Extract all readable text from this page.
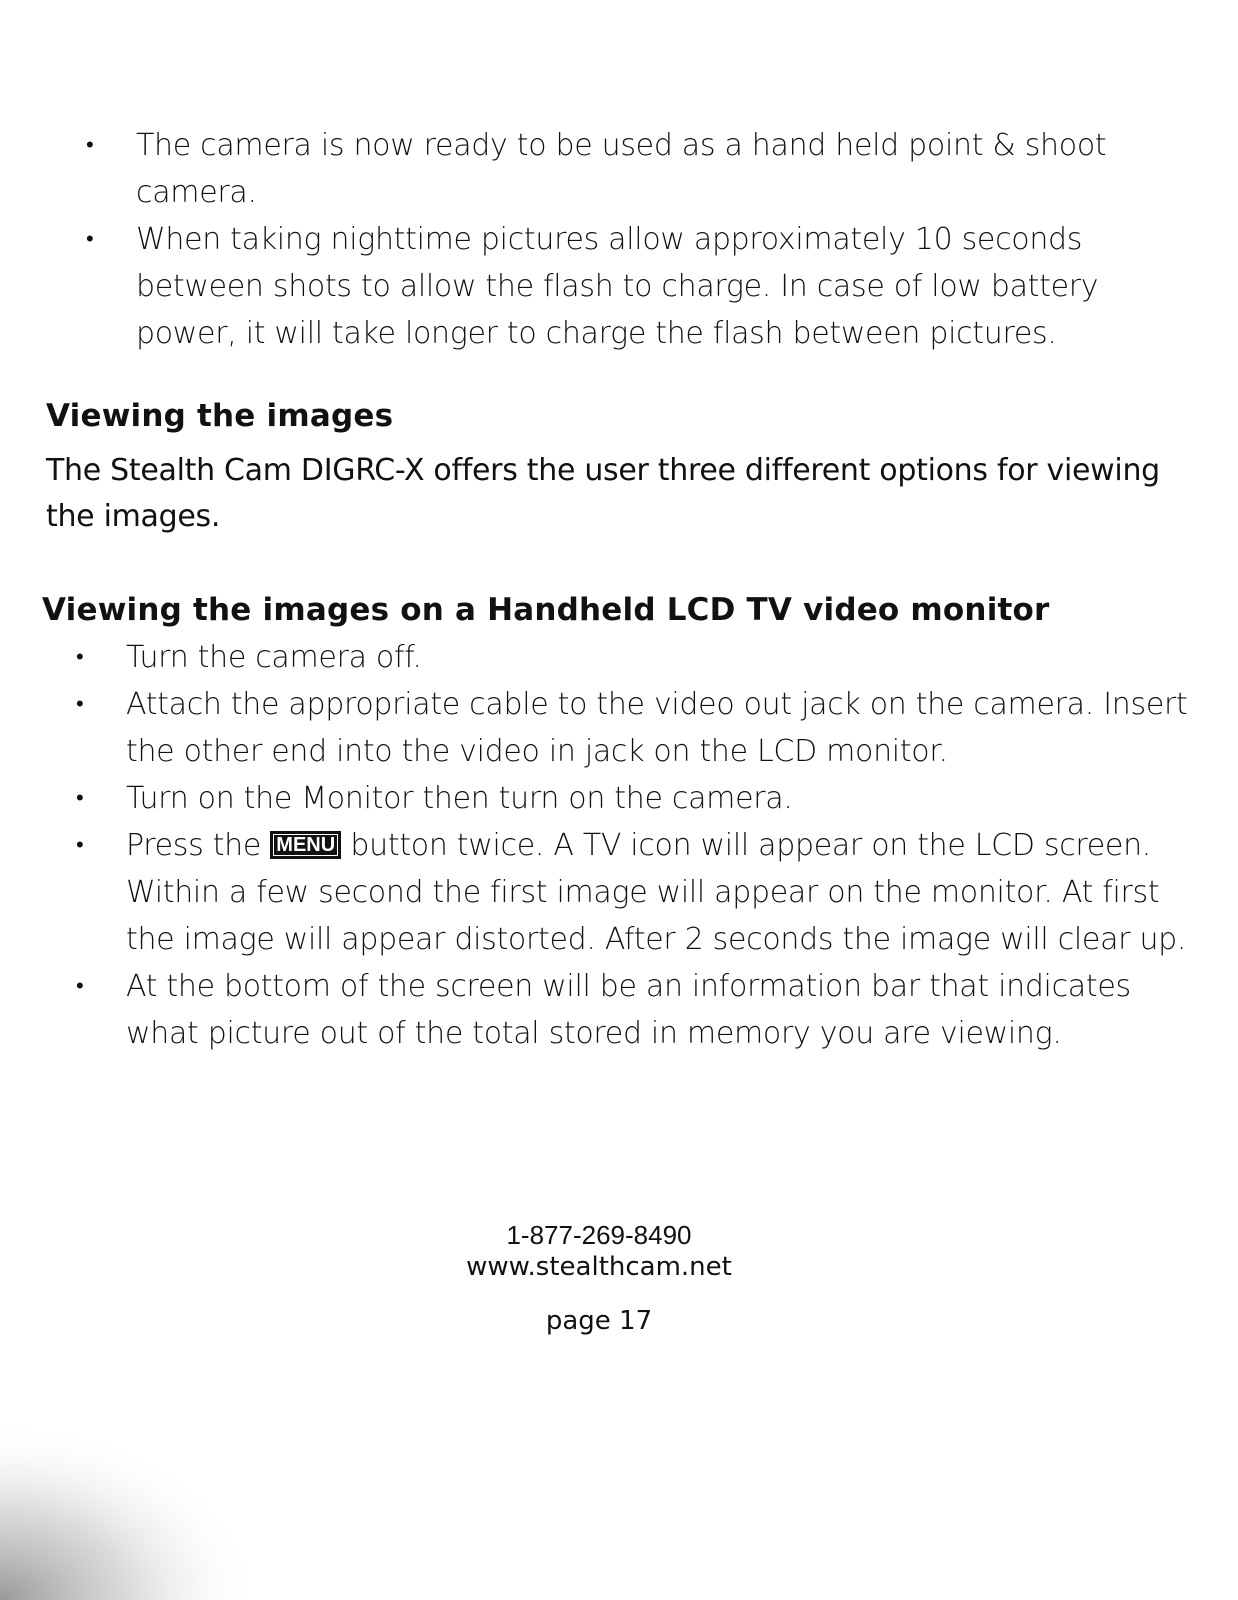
•	The camera is now ready to be used as a hand held point & shoot camera.
•	When taking nighttime pictures allow approximately 10 seconds between shots to allow the flash to charge. In case of low battery power, it will take longer to charge the flash between pictures.
Viewing the images

The Stealth Cam DIGRC-X offers the user three different options for viewing the images.

Viewing the images on a Handheld LCD TV video monitor
•	Turn the camera off.
•	Attach the appropriate cable to the video out jack on the camera. Insert the other end into the video in jack on the LCD monitor.
•	Turn on the Monitor then turn on the camera.
•	Press the MENU button twice. A TV icon will appear on the LCD screen. Within a few second the first image will appear on the monitor. At first the image will appear distorted. After 2 seconds the image will clear up.
•	At the bottom of the screen will be an information bar that indicates what picture out of the total stored in memory you are viewing.

1-877-269-8490

www.stealthcam.net

page 17
